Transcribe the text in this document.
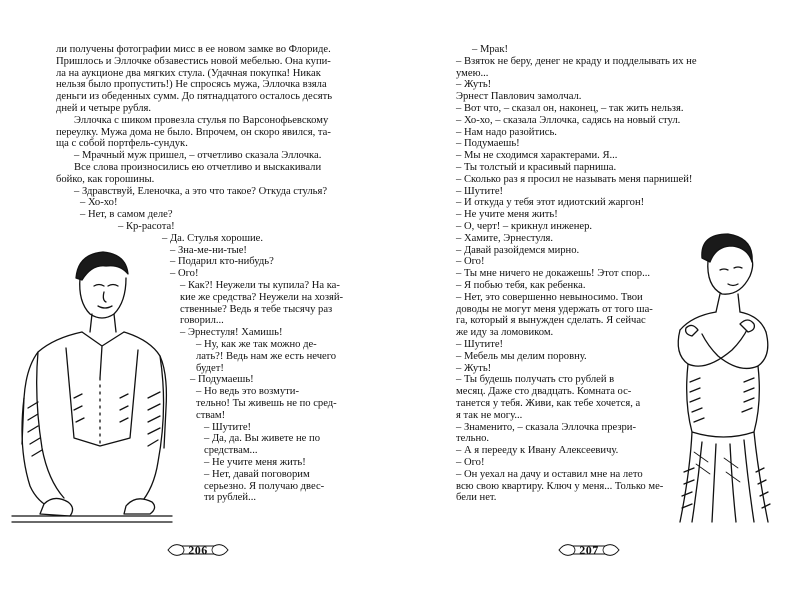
ли получены фотографии мисс в ее новом замке во Флориде.
Пришлось и Эллочке обзавестись новой мебелью. Она купи-
ла на аукционе два мягких стула. (Удачная покупка! Никак
нельзя было пропустить!) Не спросясь мужа, Эллочка взяла
деньги из обеденных сумм. До пятнадцатого осталось десять
дней и четыре рубля.
Эллочка с шиком провезла стулья по Варсонофьевскому
переулку. Мужа дома не было. Впрочем, он скоро явился, та-
ща с собой портфель-сундук.
– Мрачный муж пришел, – отчетливо сказала Эллочка.
Все слова произносились ею отчетливо и выскакивали
бойко, как горошины.
– Здравствуй, Еленочка, а это что такое? Откуда стулья?
– Хо-хо!
– Нет, в самом деле?
– Кр-расота!
– Да. Стулья хорошие.
– Зна-ме-ни-тые!
– Подарил кто-нибудь?
– Ого!
– Как?! Неужели ты купила? На ка-
кие же средства? Неужели на хозяй-
ственные? Ведь я тебе тысячу раз
говорил...
– Эрнестуля! Хамишь!
– Ну, как же так можно де-
лать?! Ведь нам же есть нечего
будет!
– Подумаешь!
– Но ведь это возмути-
тельно! Ты живешь не по сред-
ствам!
– Шутите!
– Да, да. Вы живете не по
средствам...
– Не учите меня жить!
– Нет, давай поговорим
серьезно. Я получаю двес-
ти рублей...
206
– Мрак!
– Взяток не беру, денег не краду и подделывать их не
умею...
– Жуть!
Эрнест Павлович замолчал.
– Вот что, – сказал он, наконец, – так жить нельзя.
– Хо-хо, – сказала Эллочка, садясь на новый стул.
– Нам надо разойтись.
– Подумаешь!
– Мы не сходимся характерами. Я...
– Ты толстый и красивый парниша.
– Сколько раз я просил не называть меня парнишей!
– Шутите!
– И откуда у тебя этот идиотский жаргон!
– Не учите меня жить!
– О, черт! – крикнул инженер.
– Хамите, Эрнестуля.
– Давай разойдемся мирно.
– Ого!
– Ты мне ничего не докажешь! Этот спор...
– Я побью тебя, как ребенка.
– Нет, это совершенно невыносимо. Твои
доводы не могут меня удержать от того ша-
га, который я вынужден сделать. Я сейчас
же иду за ломовиком.
– Шутите!
– Мебель мы делим поровну.
– Жуть!
– Ты будешь получать сто рублей в
месяц. Даже сто двадцать. Комната ос-
танется у тебя. Живи, как тебе хочется, а
я так не могу...
– Знаменито, – сказала Эллочка презри-
тельно.
– А я перееду к Ивану Алексеевичу.
– Ого!
– Он уехал на дачу и оставил мне на лето
всю свою квартиру. Ключ у меня... Только ме-
бели нет.
207
